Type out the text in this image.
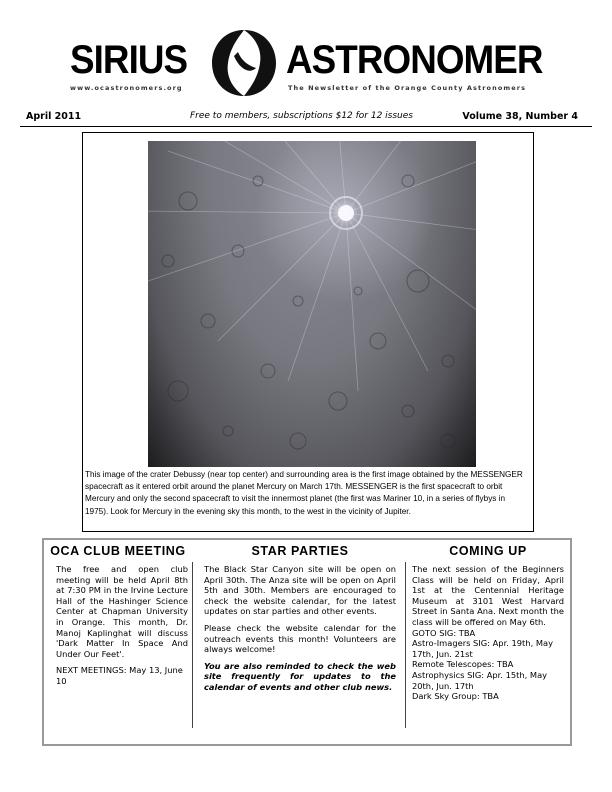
SIRIUS ASTRONOMER
www.ocastronomers.org	The Newsletter of the Orange County Astronomers
April 2011	Free to members, subscriptions $12 for 12 issues	Volume 38, Number 4
This image of the crater Debussy (near top center) and surrounding area is the first image obtained by the MESSENGER spacecraft as it entered orbit around the planet Mercury on March 17th. MESSENGER is the first spacecraft to orbit Mercury and only the second spacecraft to visit the innermost planet (the first was Mariner 10, in a series of flybys in 1975). Look for Mercury in the evening sky this month, to the west in the vicinity of Jupiter.
OCA CLUB MEETING

The free and open club meeting will be held April 8th at 7:30 PM in the Irvine Lecture Hall of the Hashinger Science Center at Chapman University in Orange. This month, Dr. Manoj Kaplinghat will discuss 'Dark Matter In Space And Under Our Feet'.

NEXT MEETINGS: May 13, June 10

STAR PARTIES

The Black Star Canyon site will be open on April 30th. The Anza site will be open on April 5th and 30th. Members are encouraged to check the website calendar, for the latest updates on star parties and other events.

Please check the website calendar for the outreach events this month! Volunteers are always welcome!

You are also reminded to check the web site frequently for updates to the calendar of events and other club news.

COMING UP

The next session of the Beginners Class will be held on Friday, April 1st at the Centennial Heritage Museum at 3101 West Harvard Street in Santa Ana. Next month the class will be offered on May 6th.

GOTO SIG: TBA
Astro-Imagers SIG: Apr. 19th, May 17th, Jun. 21st
Remote Telescopes: TBA
Astrophysics SIG: Apr. 15th, May 20th, Jun. 17th
Dark Sky Group: TBA
